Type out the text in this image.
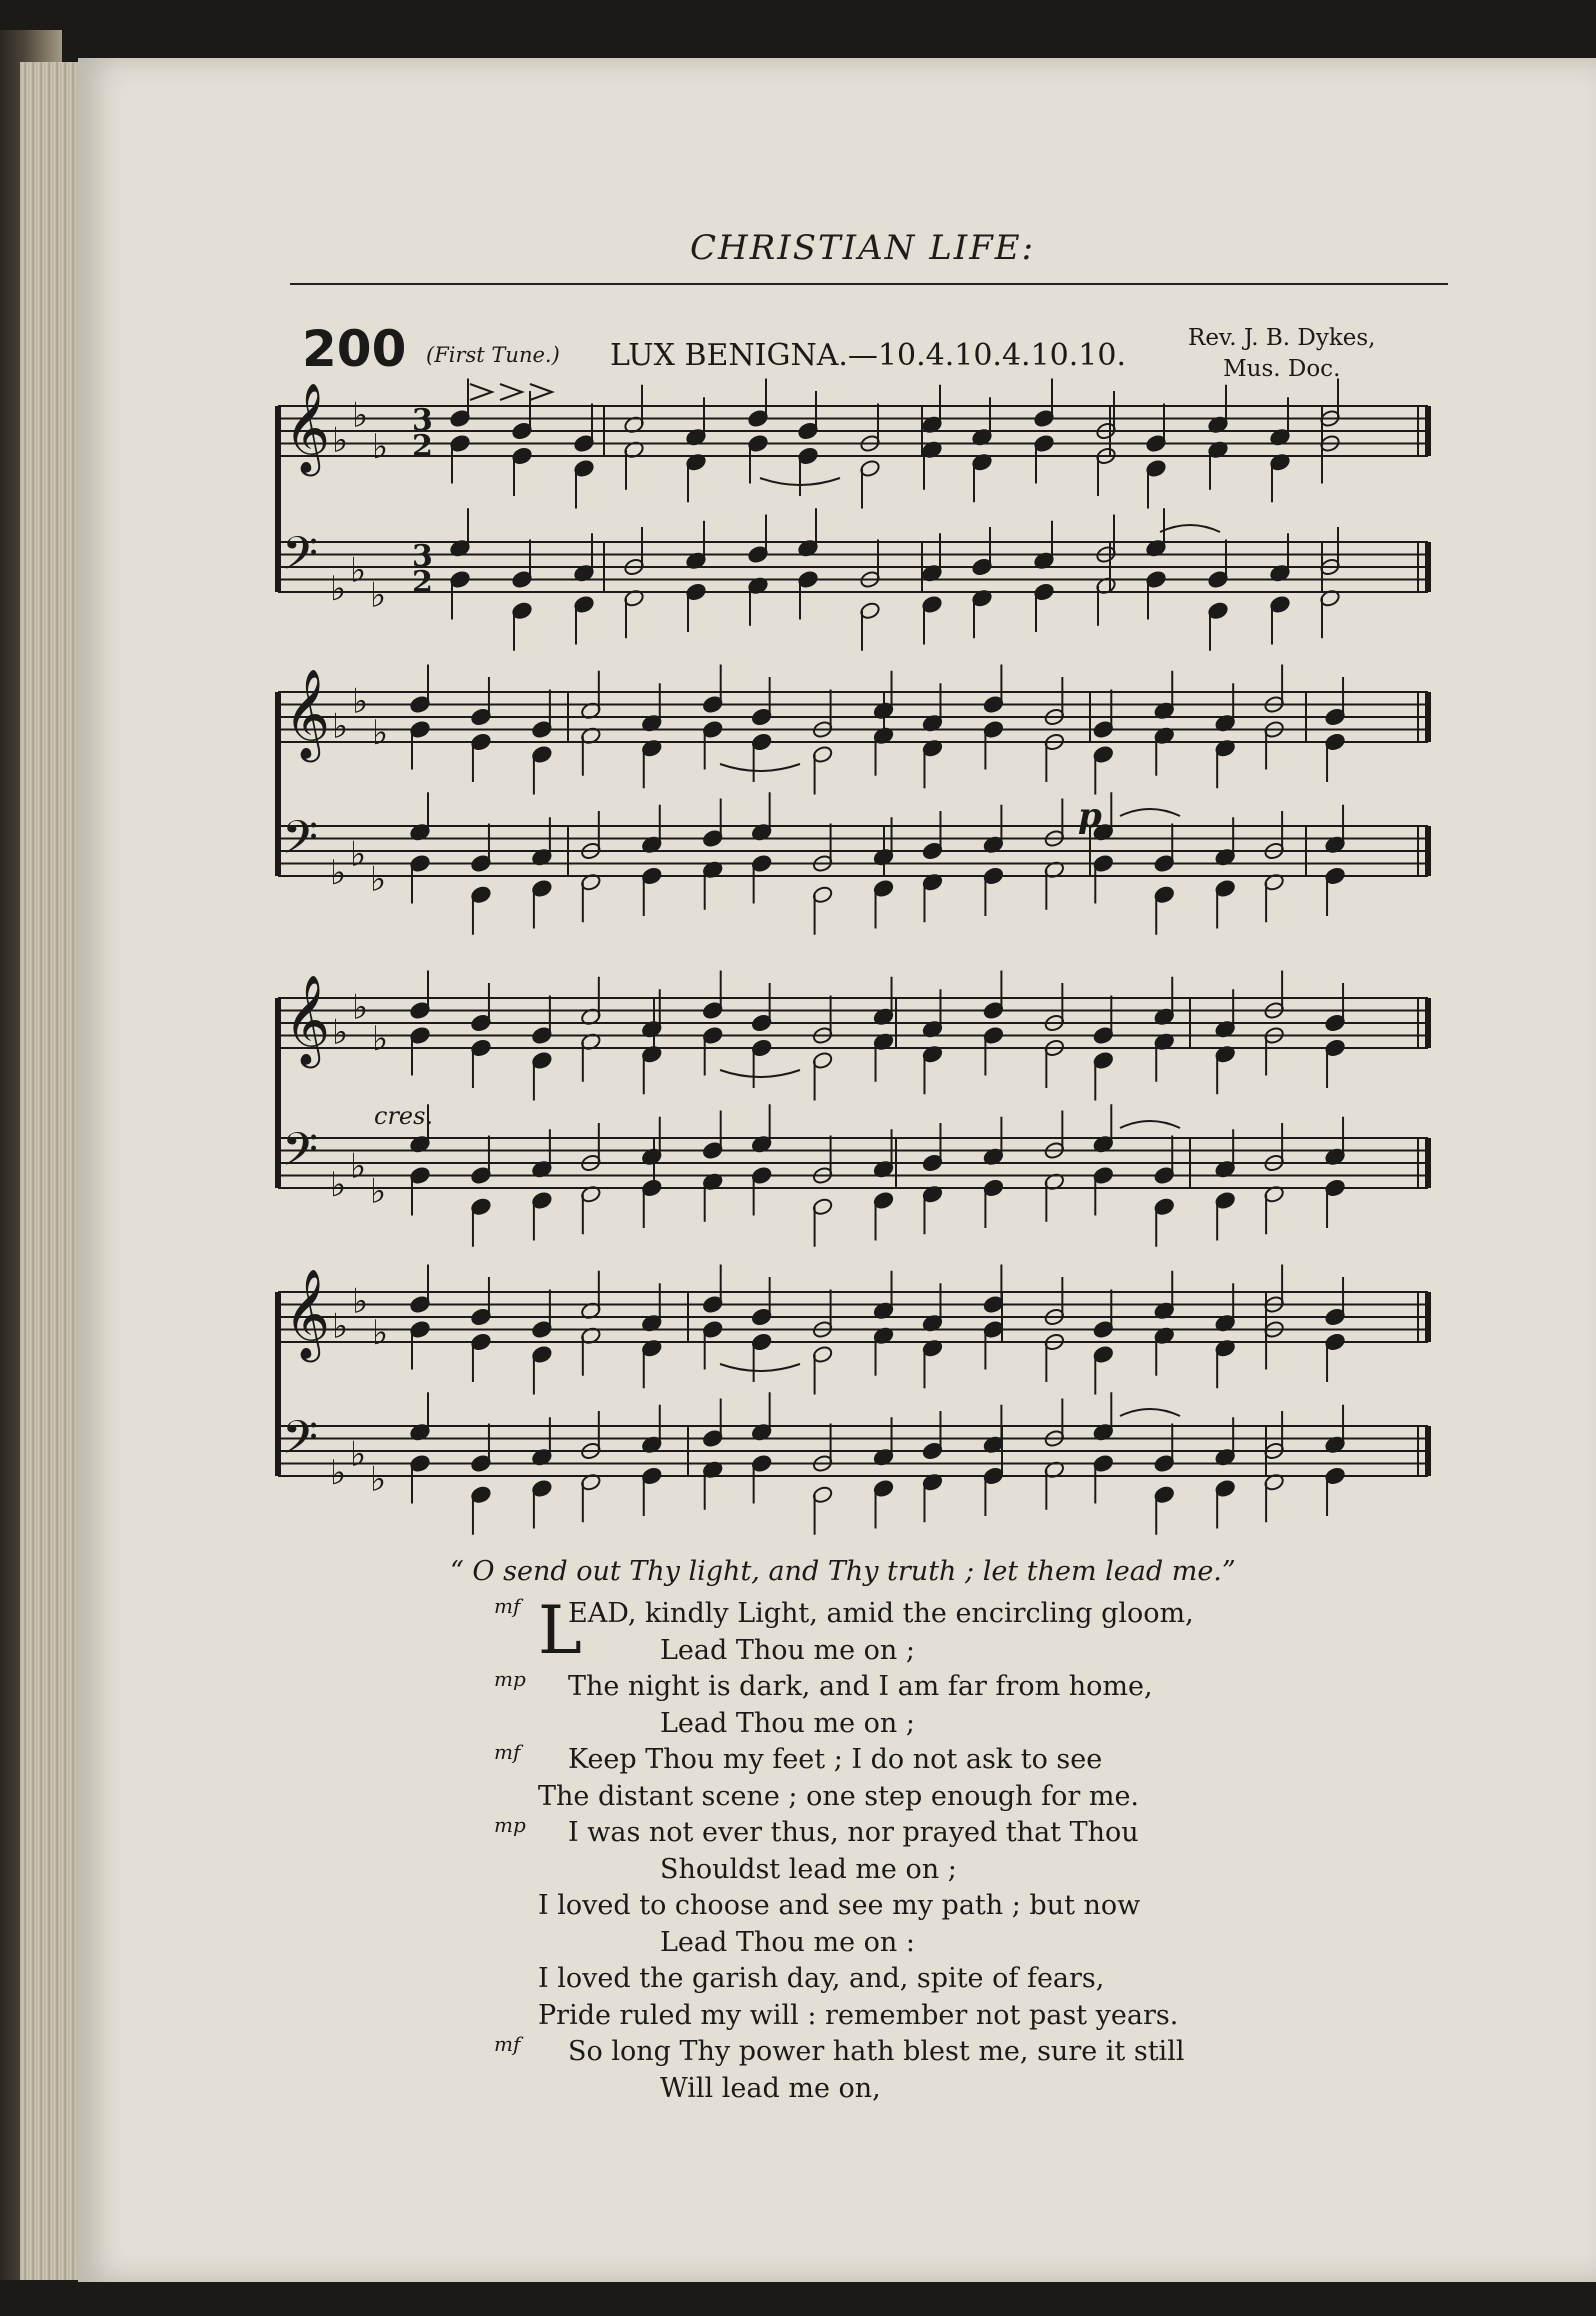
CHRISTIAN LIFE:
200 (First Tune.) LUX BENIGNA.—10.4.10.4.10.10.	Rev. J. B. Dykes,
Mus. Doc.
𝄞 ♭
♭
♭
𝄢 ♭ ♭
♭
3
2
3
2
𝄞 ♭
♭
♭
𝄢 ♭ ♭
♭
𝄞 ♭
♭
♭
𝄢 ♭ ♭
♭
𝄞 ♭
♭
♭
𝄢 ♭ ♭
♭
cres.
p
“ O send out Thy light, and Thy truth ; let them lead me.”
L
EAD, kindly Light, amid the encircling gloom,
mf
Lead Thou me on ;
The night is dark, and I am far from home,
mp
Lead Thou me on ;
Keep Thou my feet ; I do not ask to see
mf
The distant scene ; one step enough for me.
I was not ever thus, nor prayed that Thou
mp
Shouldst lead me on ;
I loved to choose and see my path ; but now
Lead Thou me on :
I loved the garish day, and, spite of fears,
Pride ruled my will : remember not past years.
So long Thy power hath blest me, sure it still
mf
Will lead me on,
